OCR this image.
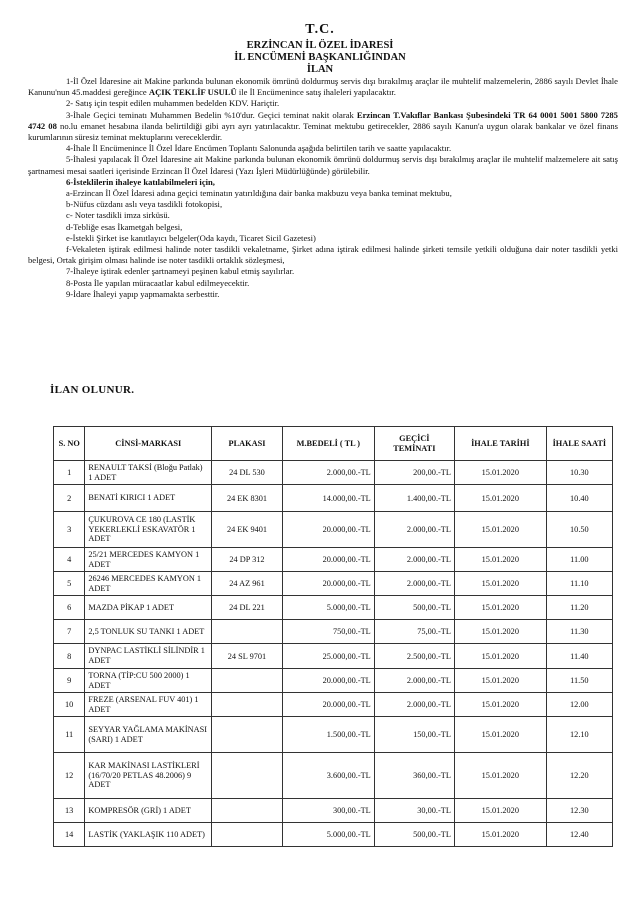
T.C.
ERZİNCAN İL ÖZEL İDARESİ
İL ENCÜMENİ BAŞKANLIĞINDAN
İLAN

1-İl Özel İdaresine ait Makine parkında bulunan ekonomik ömrünü doldurmuş servis dışı bırakılmış araçlar ile muhtelif malzemelerin, 2886 sayılı Devlet İhale Kanunu'nun 45.maddesi gereğince AÇIK TEKLİF USULÜ ile İl Encümenince satış ihaleleri yapılacaktır.

2- Satış için tespit edilen muhammen bedelden KDV. Hariçtir.

3-İhale Geçici teminatı Muhammen Bedelin %10'dur. Geçici teminat nakit olarak Erzincan T.Vakıflar Bankası Şubesindeki TR 64 0001 5001 5800 7285 4742 08 no.lu emanet hesabına ilanda belirtildiği gibi ayrı ayrı yatırılacaktır. Teminat mektubu getirecekler, 2886 sayılı Kanun'a uygun olarak bankalar ve özel finans kurumlarının süresiz teminat mektuplarını vereceklerdir.

4-İhale İl Encümenince İl Özel İdare Encümen Toplantı Salonunda aşağıda belirtilen tarih ve saatte yapılacaktır.

5-İhalesi yapılacak İl Özel İdaresine ait Makine parkında bulunan ekonomik ömrünü doldurmuş servis dışı bırakılmış araçlar ile muhtelif malzemelere ait satış şartnamesi mesai saatleri içerisinde Erzincan İl Özel İdaresi (Yazı İşleri Müdürlüğünde) görülebilir.

6-İsteklilerin ihaleye katılabilmeleri için,

a-Erzincan İl Özel İdaresi adına geçici teminatın yatırıldığına dair banka makbuzu veya banka teminat mektubu,

b-Nüfus cüzdanı aslı veya tasdikli fotokopisi,

c- Noter tasdikli imza sirküsü.

d-Tebliğe esas İkametgah belgesi,

e-İstekli Şirket ise kanıtlayıcı belgeler(Oda kaydı, Ticaret Sicil Gazetesi)

f-Vekaleten iştirak edilmesi halinde noter tasdikli vekaletname, Şirket adına iştirak edilmesi halinde şirketi temsile yetkili olduğuna dair noter tasdikli yetki belgesi, Ortak girişim olması halinde ise noter tasdikli ortaklık sözleşmesi,

7-İhaleye iştirak edenler şartnameyi peşinen kabul etmiş sayılırlar.

8-Posta İle yapılan müracaatlar kabul edilmeyecektir.

9-İdare İhaleyi yapıp yapmamakta serbesttir.

İLAN OLUNUR.
S. NO	CİNSİ-MARKASI	PLAKASI	M.BEDELİ ( TL )	GEÇİCİ TEMİNATI	İHALE TARİHİ	İHALE SAATİ
1	RENAULT TAKSİ (Bloğu Patlak) 1 ADET	24 DL 530	2.000,00.-TL	200,00.-TL	15.01.2020	10.30
2	BENATİ KIRICI 1 ADET	24 EK 8301	14.000,00.-TL	1.400,00.-TL	15.01.2020	10.40
3	ÇUKUROVA CE 180 (LASTİK YEKERLEKLİ ESKAVATÖR 1 ADET	24 EK 9401	20.000,00.-TL	2.000,00.-TL	15.01.2020	10.50
4	25/21 MERCEDES KAMYON 1 ADET	24 DP 312	20.000,00.-TL	2.000,00.-TL	15.01.2020	11.00
5	26246 MERCEDES KAMYON 1 ADET	24 AZ 961	20.000,00.-TL	2.000,00.-TL	15.01.2020	11.10
6	MAZDA PİKAP 1 ADET	24 DL 221	5.000,00.-TL	500,00.-TL	15.01.2020	11.20
7	2,5 TONLUK SU TANKI 1 ADET		750,00.-TL	75,00.-TL	15.01.2020	11.30
8	DYNPAC LASTİKLİ SİLİNDİR 1 ADET	24 SL 9701	25.000,00.-TL	2.500,00.-TL	15.01.2020	11.40
9	TORNA (TİP:CU 500 2000) 1 ADET		20.000,00.-TL	2.000,00.-TL	15.01.2020	11.50
10	FREZE (ARSENAL FUV 401) 1 ADET		20.000,00.-TL	2.000,00.-TL	15.01.2020	12.00
11	SEYYAR YAĞLAMA MAKİNASI (SARI) 1 ADET		1.500,00.-TL	150,00.-TL	15.01.2020	12.10
12	KAR MAKİNASI LASTİKLERİ (16/70/20 PETLAS 48.2006) 9 ADET		3.600,00.-TL	360,00.-TL	15.01.2020	12.20
13	KOMPRESÖR (GRİ) 1 ADET		300,00.-TL	30,00.-TL	15.01.2020	12.30
14	LASTİK (YAKLAŞIK 110 ADET)		5.000,00.-TL	500,00.-TL	15.01.2020	12.40
